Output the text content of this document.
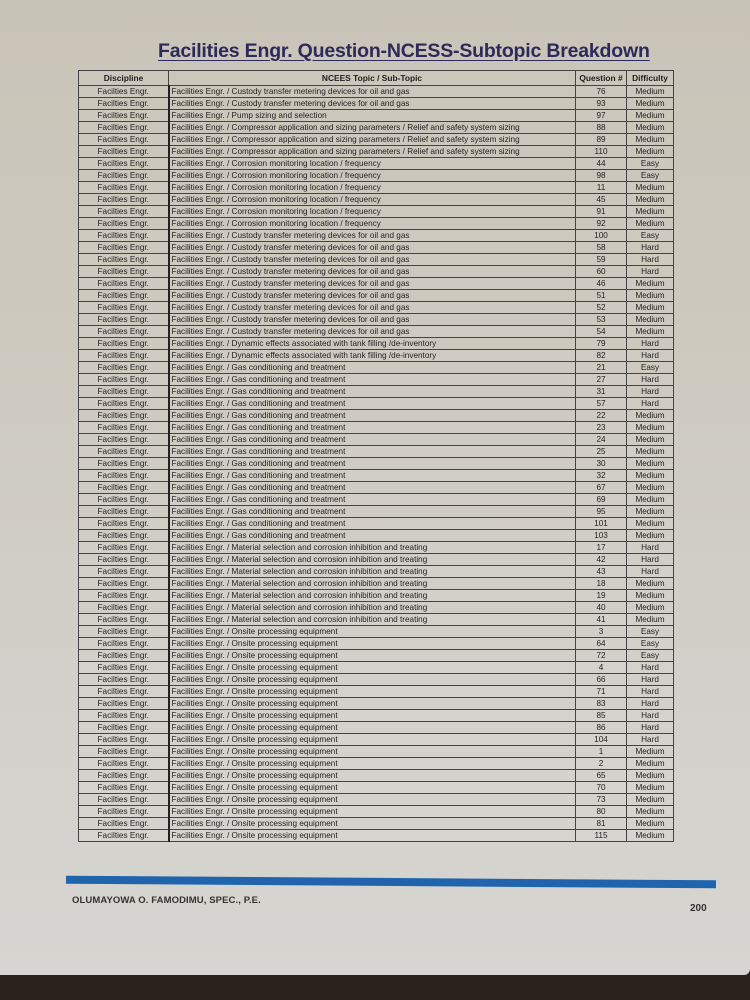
Facilities Engr. Question-NCESS-Subtopic Breakdown
Discipline	NCEES Topic / Sub-Topic	Question #	Difficulty
Facilties Engr.	Facilities Engr. / Custody transfer metering devices for oil and gas	76	Medium
Facilties Engr.	Facilities Engr. / Custody transfer metering devices for oil and gas	93	Medium
Facilties Engr.	Facilities Engr. / Pump sizing and selection	97	Medium
Facilties Engr.	Facilities Engr. / Compressor application and sizing parameters / Relief and safety system sizing	88	Medium
Facilties Engr.	Facilities Engr. / Compressor application and sizing parameters / Relief and safety system sizing	89	Medium
Facilties Engr.	Facilities Engr. / Compressor application and sizing parameters / Relief and safety system sizing	110	Medium
Facilties Engr.	Facilities Engr. / Corrosion monitoring location / frequency	44	Easy
Facilties Engr.	Facilities Engr. / Corrosion monitoring location / frequency	98	Easy
Facilties Engr.	Facilities Engr. / Corrosion monitoring location / frequency	11	Medium
Facilties Engr.	Facilities Engr. / Corrosion monitoring location / frequency	45	Medium
Facilties Engr.	Facilities Engr. / Corrosion monitoring location / frequency	91	Medium
Facilties Engr.	Facilities Engr. / Corrosion monitoring location / frequency	92	Medium
Facilties Engr.	Facilities Engr. / Custody transfer metering devices for oil and gas	100	Easy
Facilties Engr.	Facilities Engr. / Custody transfer metering devices for oil and gas	58	Hard
Facilties Engr.	Facilities Engr. / Custody transfer metering devices for oil and gas	59	Hard
Facilties Engr.	Facilities Engr. / Custody transfer metering devices for oil and gas	60	Hard
Facilties Engr.	Facilities Engr. / Custody transfer metering devices for oil and gas	46	Medium
Facilties Engr.	Facilities Engr. / Custody transfer metering devices for oil and gas	51	Medium
Facilties Engr.	Facilities Engr. / Custody transfer metering devices for oil and gas	52	Medium
Facilties Engr.	Facilities Engr. / Custody transfer metering devices for oil and gas	53	Medium
Facilties Engr.	Facilities Engr. / Custody transfer metering devices for oil and gas	54	Medium
Facilties Engr.	Facilities Engr. / Dynamic effects associated with tank filling /de-inventory	79	Hard
Facilties Engr.	Facilities Engr. / Dynamic effects associated with tank filling /de-inventory	82	Hard
Facilties Engr.	Facilities Engr. / Gas conditioning and treatment	21	Easy
Facilties Engr.	Facilities Engr. / Gas conditioning and treatment	27	Hard
Facilties Engr.	Facilities Engr. / Gas conditioning and treatment	31	Hard
Facilties Engr.	Facilities Engr. / Gas conditioning and treatment	57	Hard
Facilties Engr.	Facilities Engr. / Gas conditioning and treatment	22	Medium
Facilties Engr.	Facilities Engr. / Gas conditioning and treatment	23	Medium
Facilties Engr.	Facilities Engr. / Gas conditioning and treatment	24	Medium
Facilties Engr.	Facilities Engr. / Gas conditioning and treatment	25	Medium
Facilties Engr.	Facilities Engr. / Gas conditioning and treatment	30	Medium
Facilties Engr.	Facilities Engr. / Gas conditioning and treatment	32	Medium
Facilties Engr.	Facilities Engr. / Gas conditioning and treatment	67	Medium
Facilties Engr.	Facilities Engr. / Gas conditioning and treatment	69	Medium
Facilties Engr.	Facilities Engr. / Gas conditioning and treatment	95	Medium
Facilties Engr.	Facilities Engr. / Gas conditioning and treatment	101	Medium
Facilties Engr.	Facilities Engr. / Gas conditioning and treatment	103	Medium
Facilties Engr.	Facilities Engr. / Material selection and corrosion inhibition and treating	17	Hard
Facilties Engr.	Facilities Engr. / Material selection and corrosion inhibition and treating	42	Hard
Facilties Engr.	Facilities Engr. / Material selection and corrosion inhibition and treating	43	Hard
Facilties Engr.	Facilities Engr. / Material selection and corrosion inhibition and treating	18	Medium
Facilties Engr.	Facilities Engr. / Material selection and corrosion inhibition and treating	19	Medium
Facilties Engr.	Facilities Engr. / Material selection and corrosion inhibition and treating	40	Medium
Facilties Engr.	Facilities Engr. / Material selection and corrosion inhibition and treating	41	Medium
Facilties Engr.	Facilities Engr. / Onsite processing equipment	3	Easy
Facilties Engr.	Facilities Engr. / Onsite processing equipment	64	Easy
Facilties Engr.	Facilities Engr. / Onsite processing equipment	72	Easy
Facilties Engr.	Facilities Engr. / Onsite processing equipment	4	Hard
Facilties Engr.	Facilities Engr. / Onsite processing equipment	66	Hard
Facilties Engr.	Facilities Engr. / Onsite processing equipment	71	Hard
Facilties Engr.	Facilities Engr. / Onsite processing equipment	83	Hard
Facilties Engr.	Facilities Engr. / Onsite processing equipment	85	Hard
Facilties Engr.	Facilities Engr. / Onsite processing equipment	86	Hard
Facilties Engr.	Facilities Engr. / Onsite processing equipment	104	Hard
Facilties Engr.	Facilities Engr. / Onsite processing equipment	1	Medium
Facilties Engr.	Facilities Engr. / Onsite processing equipment	2	Medium
Facilties Engr.	Facilities Engr. / Onsite processing equipment	65	Medium
Facilties Engr.	Facilities Engr. / Onsite processing equipment	70	Medium
Facilties Engr.	Facilities Engr. / Onsite processing equipment	73	Medium
Facilties Engr.	Facilities Engr. / Onsite processing equipment	80	Medium
Facilties Engr.	Facilities Engr. / Onsite processing equipment	81	Medium
Facilties Engr.	Facilities Engr. / Onsite processing equipment	115	Medium
OLUMAYOWA O. FAMODIMU, SPEC., P.E.
200
